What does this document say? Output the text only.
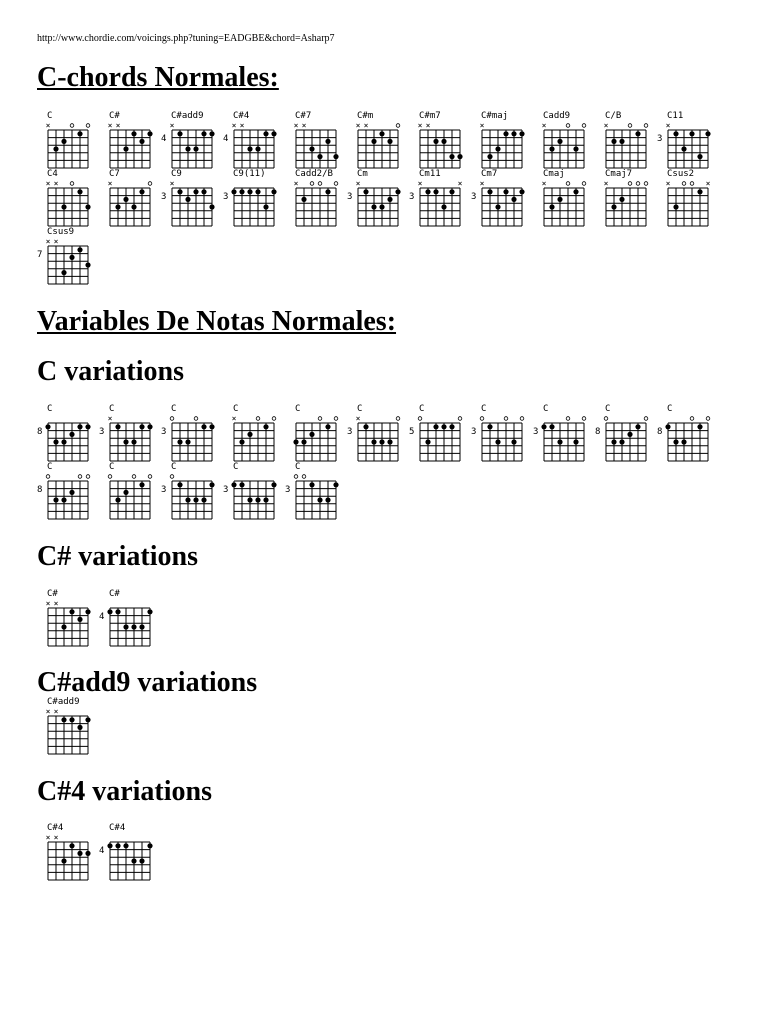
http://www.chordie.com/voicings.php?tuning=EADGBE&chord=Asharp7
C-chords Normales:
C
×
C#
× ×
C#add9
4
×
C#4
4
× ×
C#7
× ×
C#m
× ×
C#m7
× ×
C#maj
×
Cadd9
×
C/B
×
C11
3
×
C4
× ×
C7
×
C9
3
×
C9(11)
3
Cadd2/B
×
Cm
3
×
Cm11
3
×	×
Cm7
3
×
Cmaj
×
Cmaj7
×
Csus2
×	×
Csus9
7
× ×
Variables De Notas Normales:
C variations
C
8
C
3
×
C
3
C
×
C	C
3
×
C
5
C
3
C
3
C
8
C
8
C
8
C	C
3
C
3
C
3
C# variations
C#
× ×
C#
4
C#add9 variations
C#add9
× ×
C#4 variations
C#4
× ×
C#4
4
